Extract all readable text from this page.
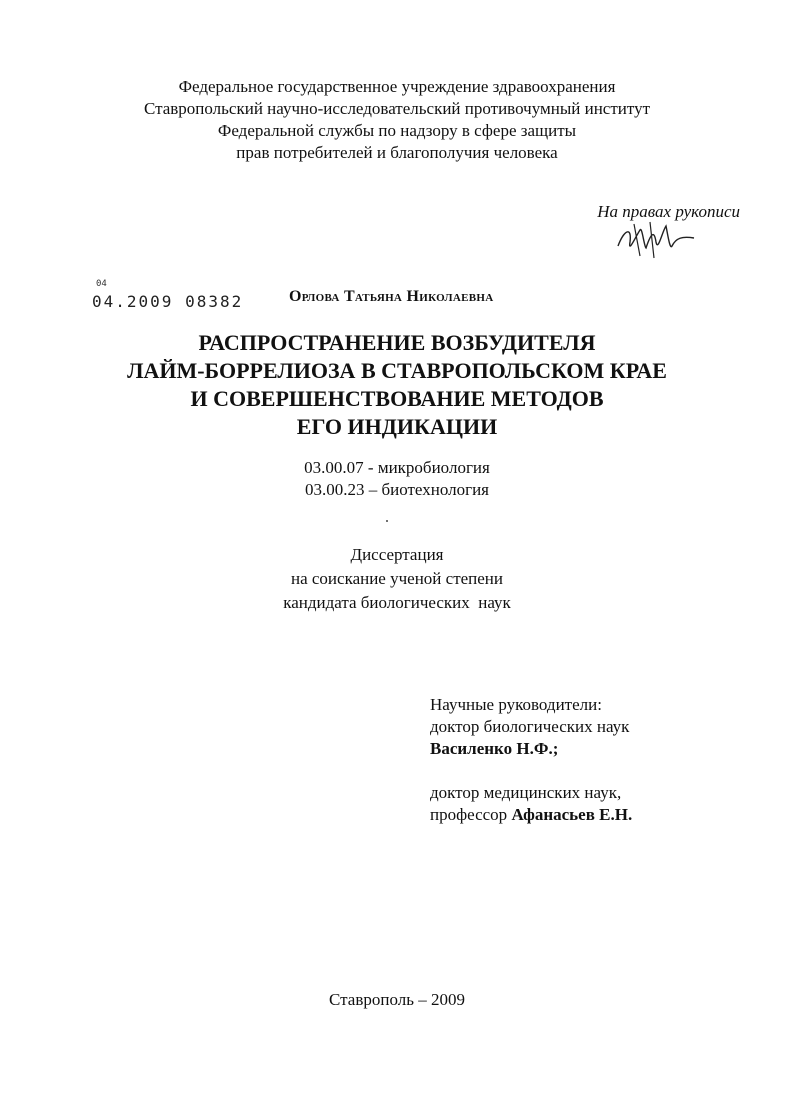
Федеральное государственное учреждение здравоохранения
Ставропольский научно-исследовательский противочумный институт
Федеральной службы по надзору в сфере защиты
прав потребителей и благополучия человека
На правах рукописи
04
04.2009 08382	Орлова Татьяна Николаевна
РАСПРОСТРАНЕНИЕ ВОЗБУДИТЕЛЯ
ЛАЙМ-БОРРЕЛИОЗА В СТАВРОПОЛЬСКОМ КРАЕ
И СОВЕРШЕНСТВОВАНИЕ МЕТОДОВ
ЕГО ИНДИКАЦИИ
03.00.07 - микробиология
03.00.23 – биотехнология
Диссертация
на соискание ученой степени
кандидата биологических  наук
Научные руководители:
доктор биологических наук
Василенко Н.Ф.;
доктор медицинских наук,
профессор Афанасьев Е.Н.
Ставрополь – 2009
